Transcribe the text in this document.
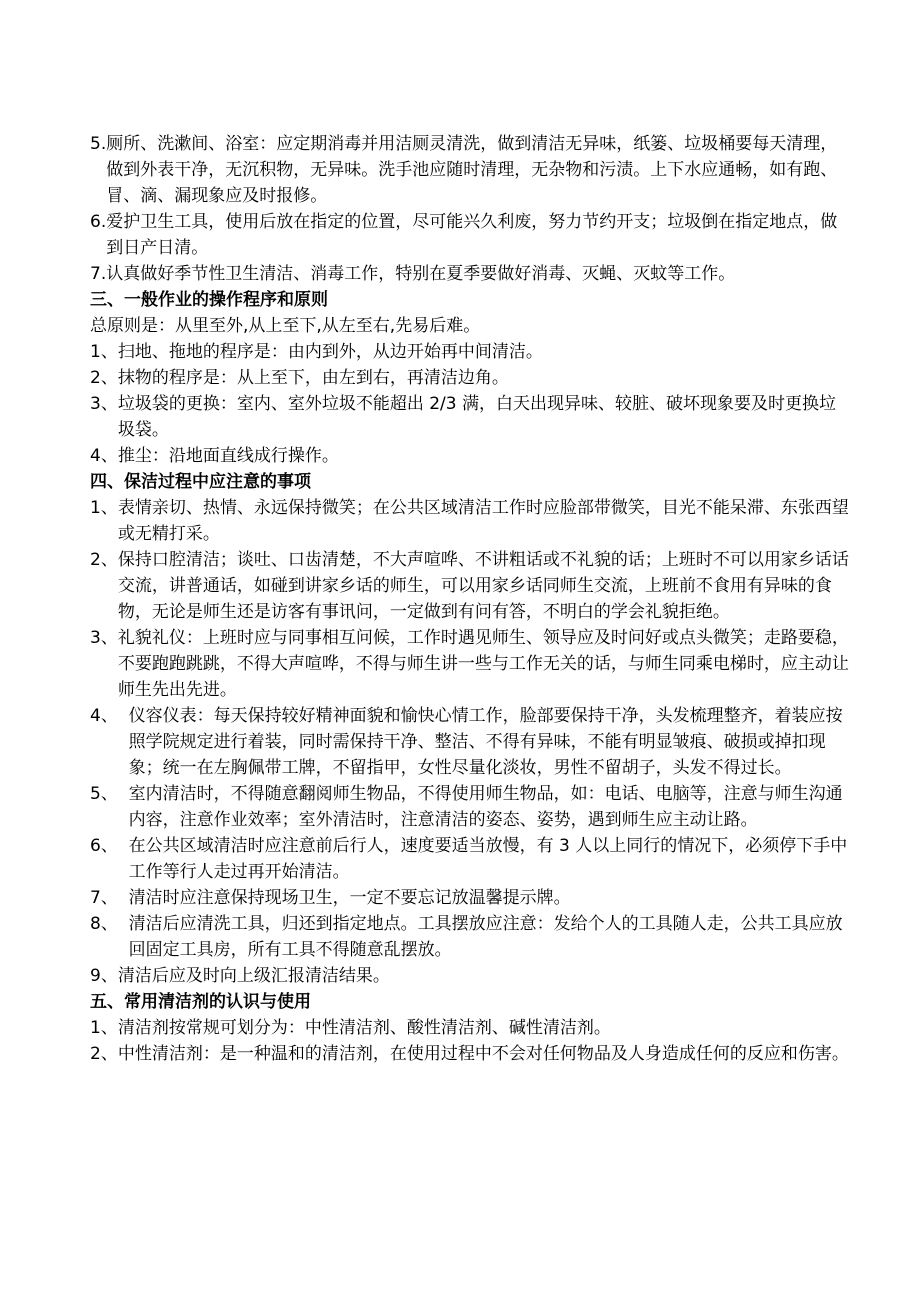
5. 厕所、洗漱间、浴室：应定期消毒并用洁厕灵清洗，做到清洁无异味，纸篓、垃圾桶要每天清理，做到外表干净，无沉积物，无异味。洗手池应随时清理，无杂物和污渍。上下水应通畅，如有跑、冒、滴、漏现象应及时报修。
6. 爱护卫生工具，使用后放在指定的位置，尽可能兴久利废，努力节约开支；垃圾倒在指定地点，做到日产日清。
7. 认真做好季节性卫生清洁、消毒工作，特别在夏季要做好消毒、灭蝇、灭蚊等工作。
三、一般作业的操作程序和原则
总原则是：从里至外,从上至下,从左至右,先易后难。
1、 扫地、拖地的程序是：由内到外，从边开始再中间清洁。
2、 抹物的程序是：从上至下，由左到右，再清洁边角。
3、 垃圾袋的更换：室内、室外垃圾不能超出 2/3 满，白天出现异味、较脏、破坏现象要及时更换垃圾袋。
4、 推尘：沿地面直线成行操作。
四、保洁过程中应注意的事项
1、 表情亲切、热情、永远保持微笑；在公共区域清洁工作时应脸部带微笑，目光不能呆滞、东张西望或无精打采。
2、 保持口腔清洁；谈吐、口齿清楚，不大声喧哗、不讲粗话或不礼貌的话；上班时不可以用家乡话话交流，讲普通话，如碰到讲家乡话的师生，可以用家乡话同师生交流，上班前不食用有异味的食物，无论是师生还是访客有事讯问，一定做到有问有答，不明白的学会礼貌拒绝。
3、 礼貌礼仪：上班时应与同事相互问候，工作时遇见师生、领导应及时问好或点头微笑；走路要稳，不要跑跑跳跳，不得大声喧哗，不得与师生讲一些与工作无关的话，与师生同乘电梯时，应主动让师生先出先进。
4、 仪容仪表：每天保持较好精神面貌和愉快心情工作，脸部要保持干净，头发梳理整齐，着装应按照学院规定进行着装，同时需保持干净、整洁、不得有异味，不能有明显皱痕、破损或掉扣现象；统一在左胸佩带工牌，不留指甲，女性尽量化淡妆，男性不留胡子，头发不得过长。
5、 室内清洁时，不得随意翻阅师生物品，不得使用师生物品，如：电话、电脑等，注意与师生沟通内容，注意作业效率；室外清洁时，注意清洁的姿态、姿势，遇到师生应主动让路。
6、 在公共区域清洁时应注意前后行人，速度要适当放慢，有 3 人以上同行的情况下，必须停下手中工作等行人走过再开始清洁。
7、 清洁时应注意保持现场卫生，一定不要忘记放温馨提示牌。
8、 清洁后应清洗工具，归还到指定地点。工具摆放应注意：发给个人的工具随人走，公共工具应放回固定工具房，所有工具不得随意乱摆放。
9、 清洁后应及时向上级汇报清洁结果。
五、常用清洁剂的认识与使用
1、 清洁剂按常规可划分为：中性清洁剂、酸性清洁剂、碱性清洁剂。
2、 中性清洁剂：是一种温和的清洁剂，在使用过程中不会对任何物品及人身造成任何的反应和伤害。
